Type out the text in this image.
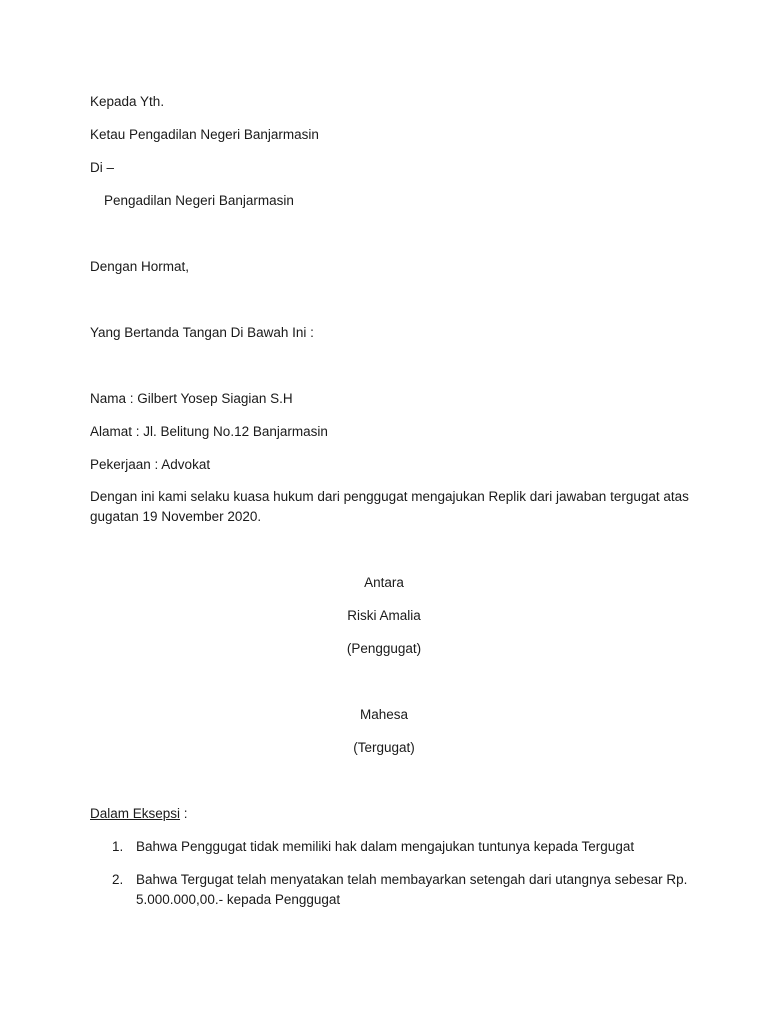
Kepada Yth.
Ketau Pengadilan Negeri Banjarmasin
Di –
Pengadilan Negeri Banjarmasin
Dengan Hormat,
Yang Bertanda Tangan Di Bawah Ini :
Nama : Gilbert Yosep Siagian S.H
Alamat : Jl. Belitung No.12 Banjarmasin
Pekerjaan : Advokat
Dengan ini kami selaku kuasa hukum dari penggugat mengajukan Replik dari jawaban tergugat atas gugatan 19 November 2020.
Antara
Riski Amalia
(Penggugat)
Mahesa
(Tergugat)
Dalam Eksepsi :
1. Bahwa Penggugat tidak memiliki hak dalam mengajukan tuntunya kepada Tergugat
2. Bahwa Tergugat telah menyatakan telah membayarkan setengah dari utangnya sebesar Rp. 5.000.000,00.- kepada Penggugat
